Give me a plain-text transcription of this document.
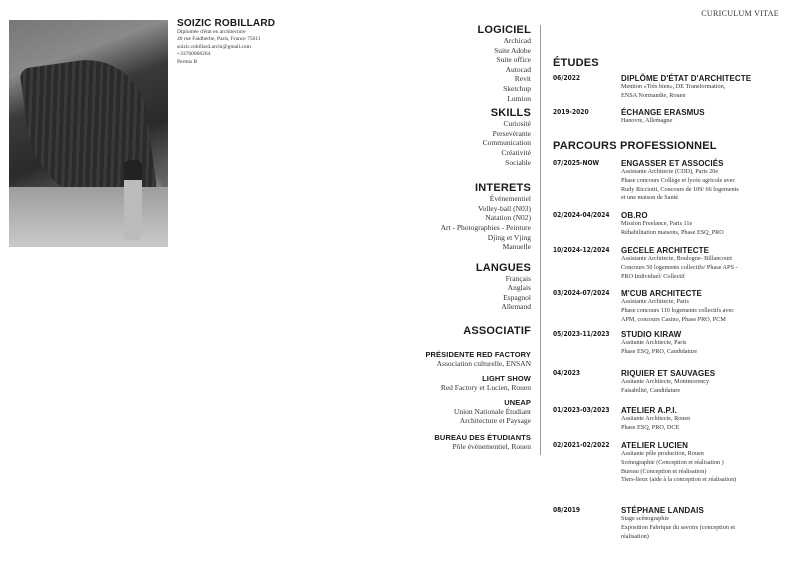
SOIZIC ROBILLARD
Diplomée d'état en architecture
40 rue Faidherbe, Paris, France 75011
soizic.robillard.archi@gmail.com
+33760068264
Permis B
CURICULUM VITAE
LOGICIEL
Archicad
Suite Adobe
Suite office
Autocad
Revit
Sketchup
Lumion
SKILLS
Curiosité
Persevérante
Communication
Créativité
Sociable
INTERETS
Évènementiel
Volley-ball (N03)
Natation (N02)
Art - Photographies - Peinture
Djing et Vjing
Manuelle
LANGUES
Français
Anglais
Espagnol
Allemand
ASSOCIATIF
PRÉSIDENTE RED FACTORY
Association culturelle, ENSAN
LIGHT SHOW
Red Factory et Lucien, Rouen
UNEAP
Union Nationale Étudiant
Architecture et Paysage
BUREAU DES ÉTUDIANTS
Pôle évènementiel, Rouen
ÉTUDES
06/2022	DIPLÔME D'ÉTAT D'ARCHITECTE
Mention «Très bien», DE Transformation,
ENSA Normandie, Rouen
2019-2020	ÉCHANGE ERASMUS
Hanovre, Allemagne
PARCOURS PROFESSIONNEL
07/2025-NOW	ENGASSER ET ASSOCIÉS
Assistante Architecte (CDD), Paris 20e
Phase concours Collège et lycée agricole avec
Rudy Ricciotti, Concours de 109/ 66 logements
et une maison de Santé
02/2024-04/2024 OB.RO
Mission Freelance, Paris 11e
Réhabilitation maisons, Phase ESQ_PRO
10/2024-12/2024 GECELE ARCHITECTE
Assistante Architecte, Boulogne- Billancourt
Concours 50 logements collectifs/ Phase APS -
PRO Individuel/ Collectif
03/2024-07/2024 M'CUB ARCHITECTE
Assistante Architecte, Paris
Phase concours 110 logements collectifs avec
APM, concours Casino, Phase PRO, PCM
05/2023-11/2023 STUDIO KIRAW
Assitante Architecte, Paris
Phase ESQ, PRO, Candidature
04/2023	RIQUIER ET SAUVAGES
Assitante Architecte, Montmorency
Faisabilité, Candidature
01/2023-03/2023 ATELIER A.P.I.
Assitante Architecte, Rouen
Phase ESQ, PRO, DCE
02/2021-02/2022 ATELIER LUCIEN
Assitante pôle production, Rouen
Scénographie (Conception et réalisation )
Bureau (Conception et réalisation)
Tiers-lieux (aide à la conception et réalisation)
08/2019	STÉPHANE LANDAIS
Stage scénographie
Exposition Fabrique du savoirs (conception et
réalisation)
